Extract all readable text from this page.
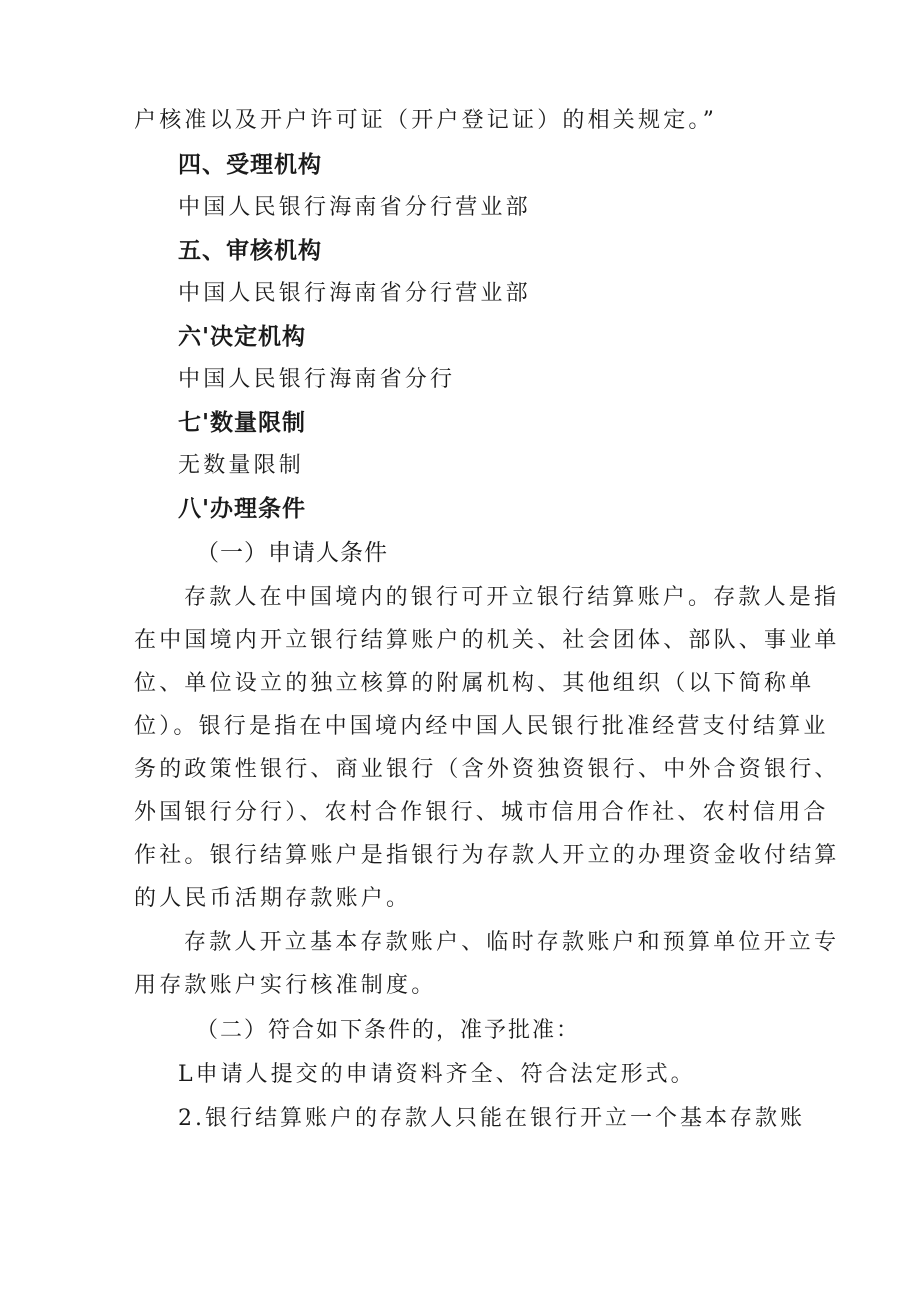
户核准以及开户许可证（开户登记证）的相关规定。”
四、受理机构
中国人民银行海南省分行营业部
五、审核机构
中国人民银行海南省分行营业部
六'决定机构
中国人民银行海南省分行
七'数量限制
无数量限制
八'办理条件
（一）申请人条件
存款人在中国境内的银行可开立银行结算账户。存款人是指
在中国境内开立银行结算账户的机关、社会团体、部队、事业单
位、单位设立的独立核算的附属机构、其他组织（以下简称单
位）。银行是指在中国境内经中国人民银行批准经营支付结算业
务的政策性银行、商业银行（含外资独资银行、中外合资银行、
外国银行分行）、农村合作银行、城市信用合作社、农村信用合
作社。银行结算账户是指银行为存款人开立的办理资金收付结算
的人民币活期存款账户。
存款人开立基本存款账户、临时存款账户和预算单位开立专
用存款账户实行核准制度。
（二）符合如下条件的，准予批准：
L申请人提交的申请资料齐全、符合法定形式。
2.银行结算账户的存款人只能在银行开立一个基本存款账
